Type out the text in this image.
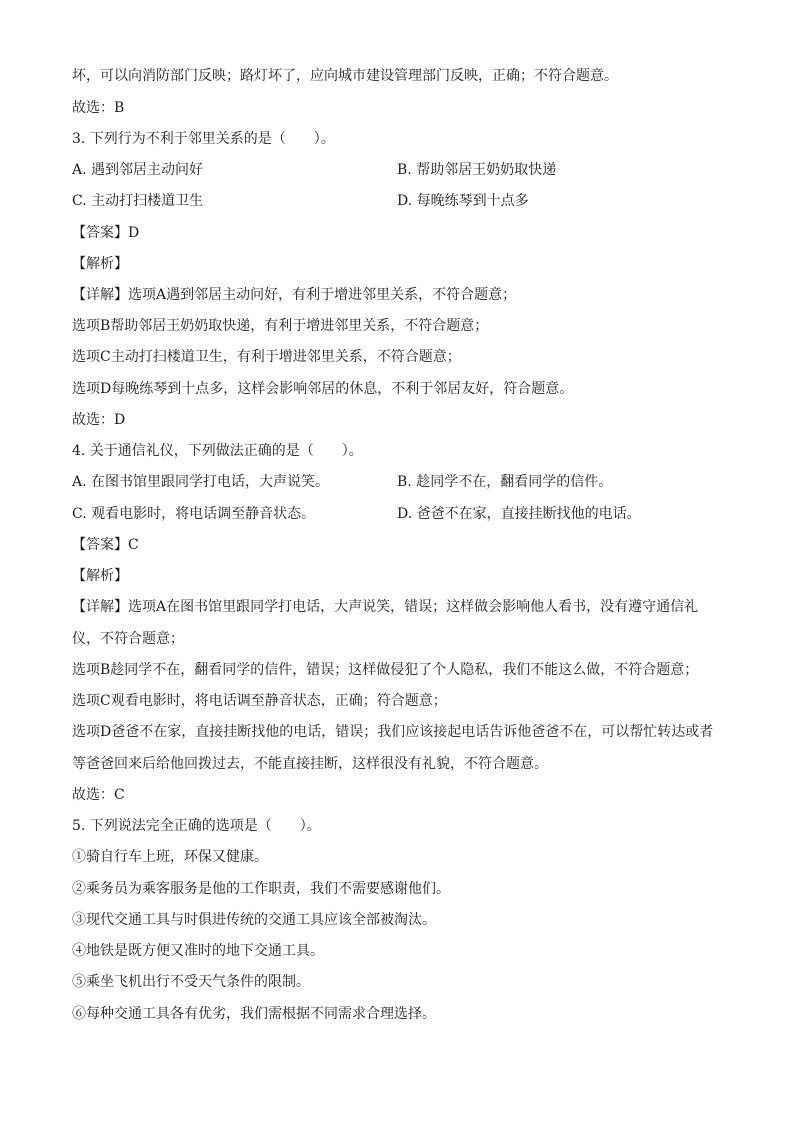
坏，可以向消防部门反映；路灯坏了，应向城市建设管理部门反映，正确；不符合题意。
故选：B
3. 下列行为不利于邻里关系的是（　　）。
A. 遇到邻居主动问好	B. 帮助邻居王奶奶取快递
C. 主动打扫楼道卫生	D. 每晚练琴到十点多
【答案】D
【解析】
【详解】选项A遇到邻居主动问好，有利于增进邻里关系，不符合题意；
选项B帮助邻居王奶奶取快递，有利于增进邻里关系，不符合题意；
选项C主动打扫楼道卫生，有利于增进邻里关系，不符合题意；
选项D每晚练琴到十点多，这样会影响邻居的休息，不利于邻居友好，符合题意。
故选：D
4. 关于通信礼仪，下列做法正确的是（　　）。
A. 在图书馆里跟同学打电话，大声说笑。	B. 趁同学不在，翻看同学的信件。
C. 观看电影时，将电话调至静音状态。	D. 爸爸不在家，直接挂断找他的电话。
【答案】C
【解析】
【详解】选项A在图书馆里跟同学打电话，大声说笑，错误；这样做会影响他人看书，没有遵守通信礼
仪，不符合题意；
选项B趁同学不在，翻看同学的信件，错误；这样做侵犯了个人隐私，我们不能这么做，不符合题意；
选项C观看电影时，将电话调至静音状态，正确；符合题意；
选项D爸爸不在家，直接挂断找他的电话，错误；我们应该接起电话告诉他爸爸不在，可以帮忙转达或者
等爸爸回来后给他回拨过去，不能直接挂断，这样很没有礼貌，不符合题意。
故选：C
5. 下列说法完全正确的选项是（　　）。
①骑自行车上班，环保又健康。
②乘务员为乘客服务是他的工作职责，我们不需要感谢他们。
③现代交通工具与时俱进传统的交通工具应该全部被淘汰。
④地铁是既方便又准时的地下交通工具。
⑤乘坐飞机出行不受天气条件的限制。
⑥每种交通工具各有优劣，我们需根据不同需求合理选择。
